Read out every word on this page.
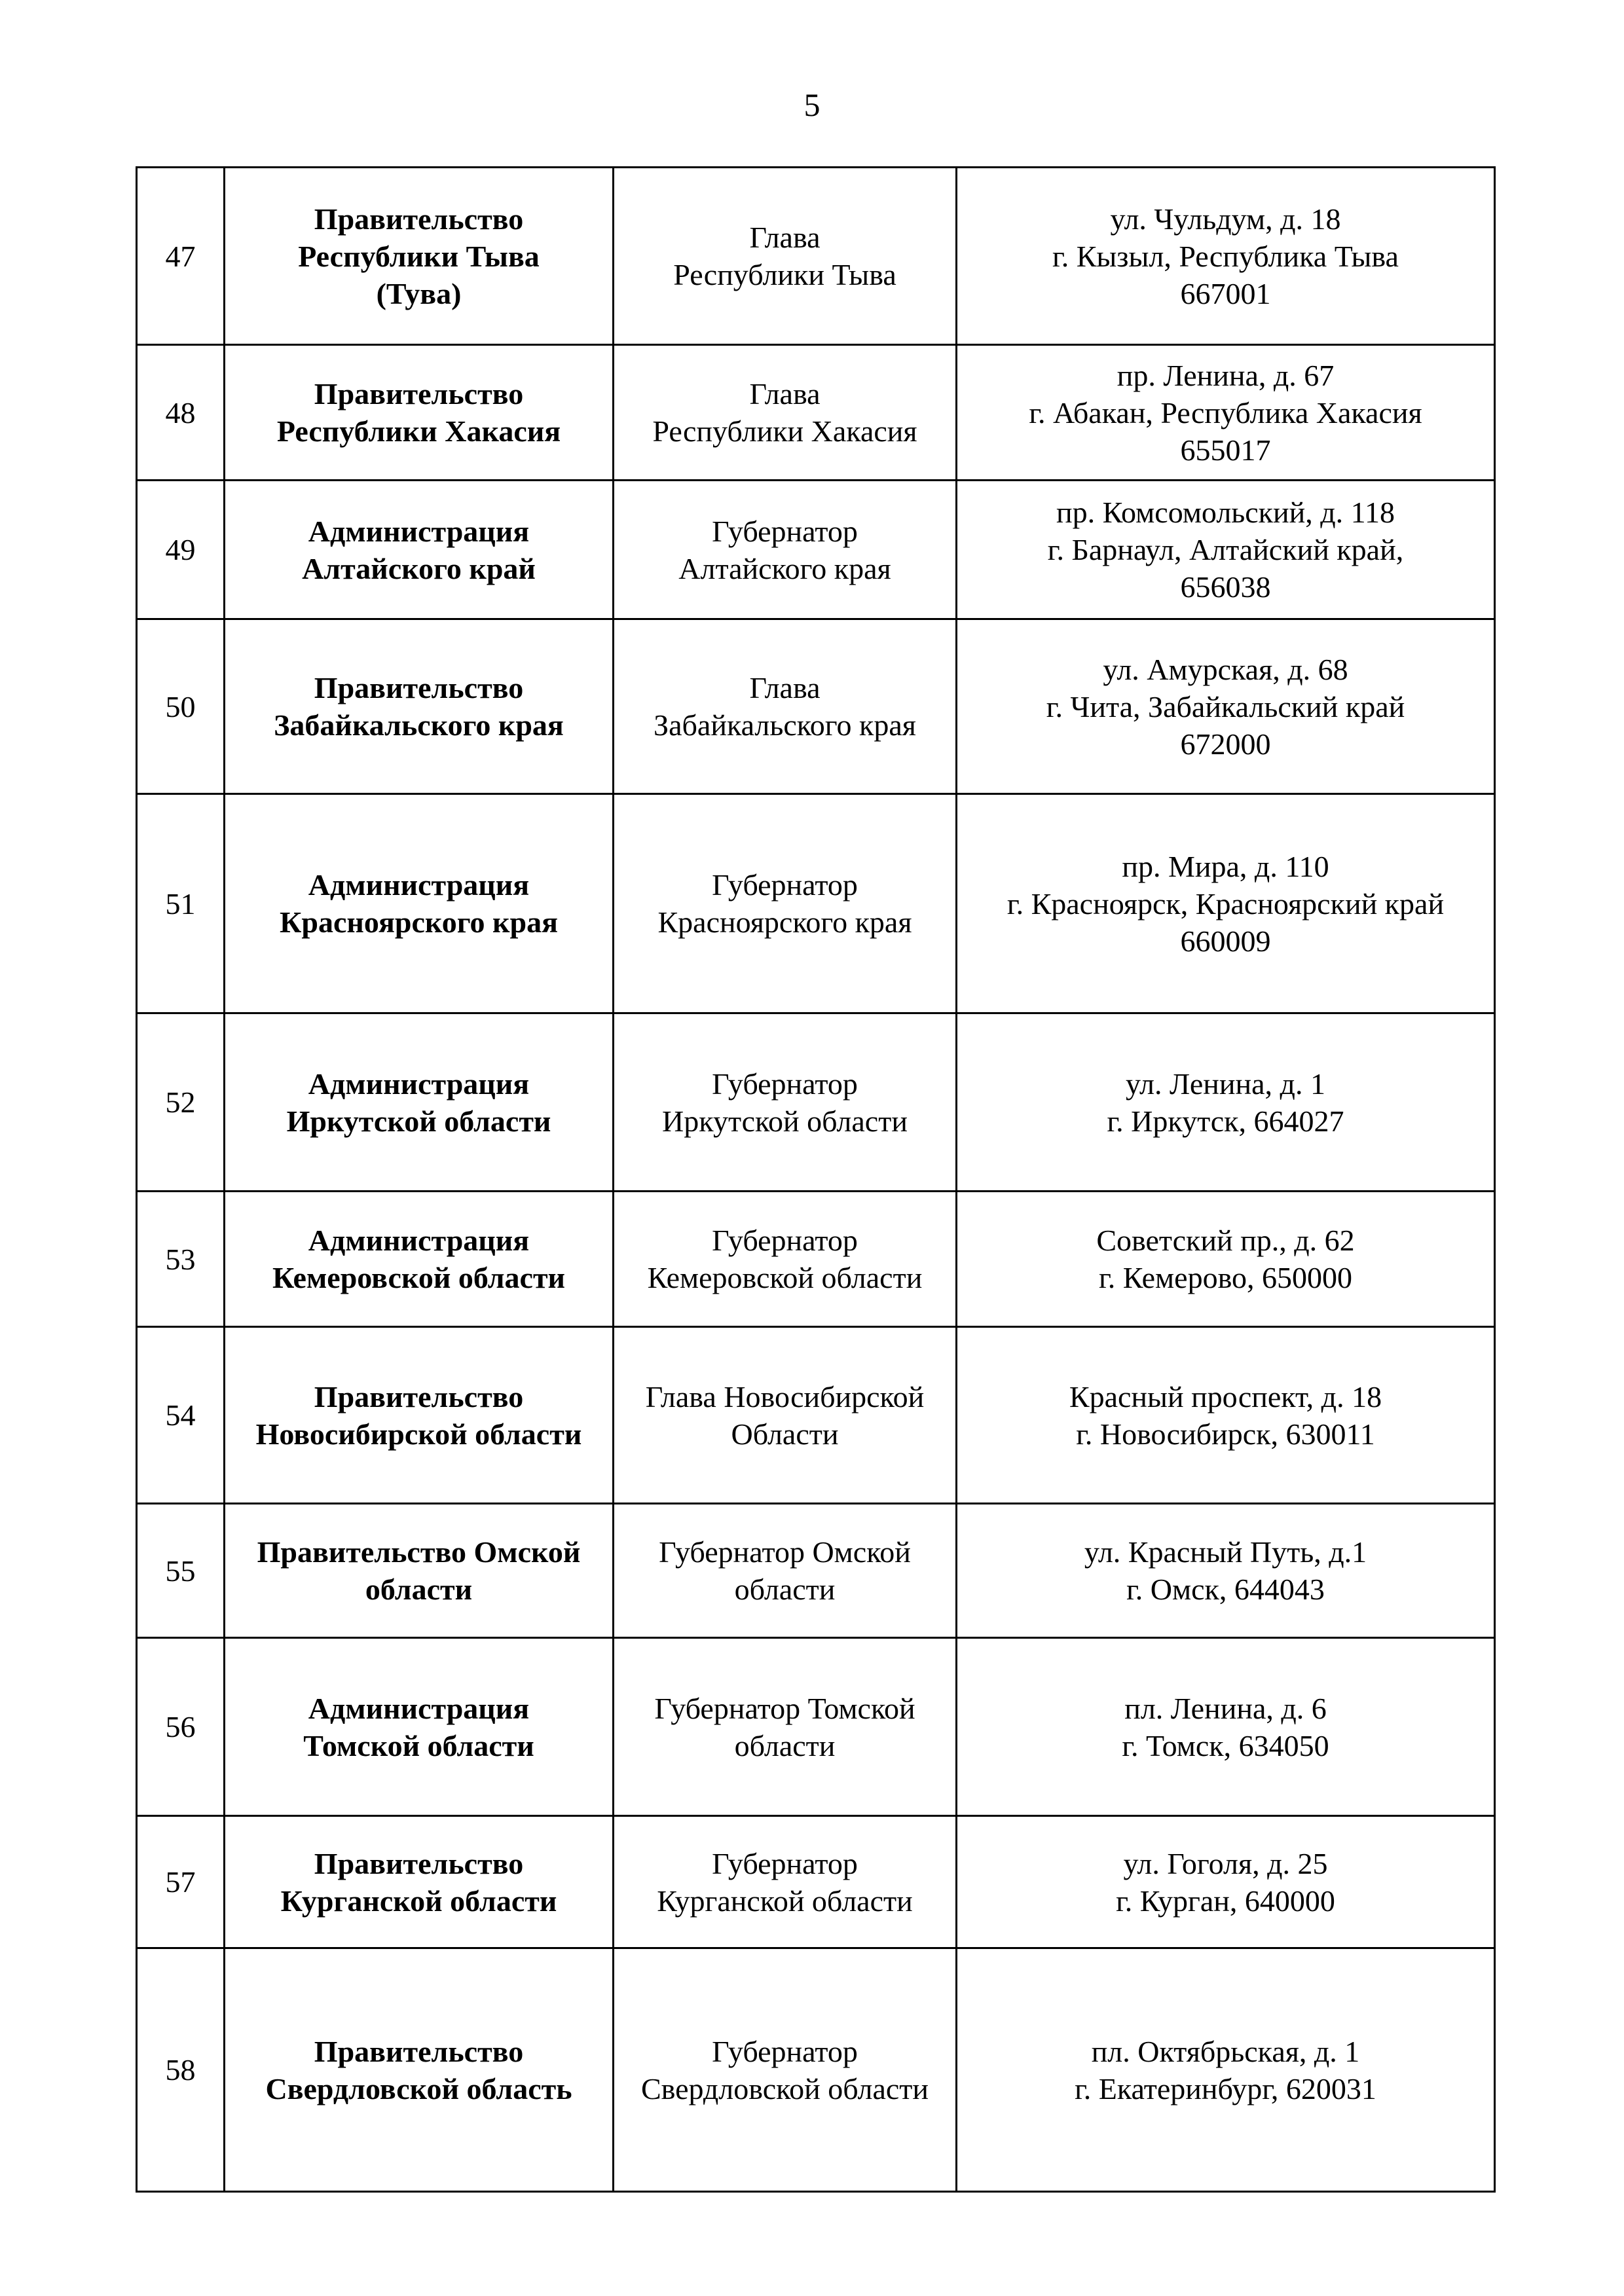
5
47	Правительство
Республики Тыва
(Тува)	Глава
Республики Тыва	ул. Чульдум, д. 18
г. Кызыл, Республика Тыва
667001

48	Правительство
Республики Хакасия	Глава
Республики Хакасия	пр. Ленина, д. 67
г. Абакан, Республика Хакасия
655017

49	Администрация
Алтайского край	Губернатор
Алтайского края	пр. Комсомольский, д. 118
г. Барнаул, Алтайский край,
656038

50	Правительство
Забайкальского края	Глава
Забайкальского края	ул. Амурская, д. 68
г. Чита, Забайкальский край
672000

51	Администрация
Красноярского края	Губернатор
Красноярского края	пр. Мира, д. 110
г. Красноярск, Красноярский край
660009

52	Администрация
Иркутской области	Губернатор
Иркутской области	ул. Ленина, д. 1
г. Иркутск, 664027

53	Администрация
Кемеровской области	Губернатор
Кемеровской области	Советский пр., д. 62
г. Кемерово, 650000

54	Правительство
Новосибирской области	Глава Новосибирской
Области	Красный проспект, д. 18
г. Новосибирск, 630011

55	Правительство Омской
области	Губернатор Омской
области	ул. Красный Путь, д.1
г. Омск, 644043

56	Администрация
Томской области	Губернатор Томской
области	пл. Ленина, д. 6
г. Томск, 634050

57	Правительство
Курганской области	Губернатор
Курганской области	ул. Гоголя, д. 25
г. Курган, 640000

58	Правительство
Свердловской область	Губернатор
Свердловской области	пл. Октябрьская, д. 1
г. Екатеринбург, 620031
